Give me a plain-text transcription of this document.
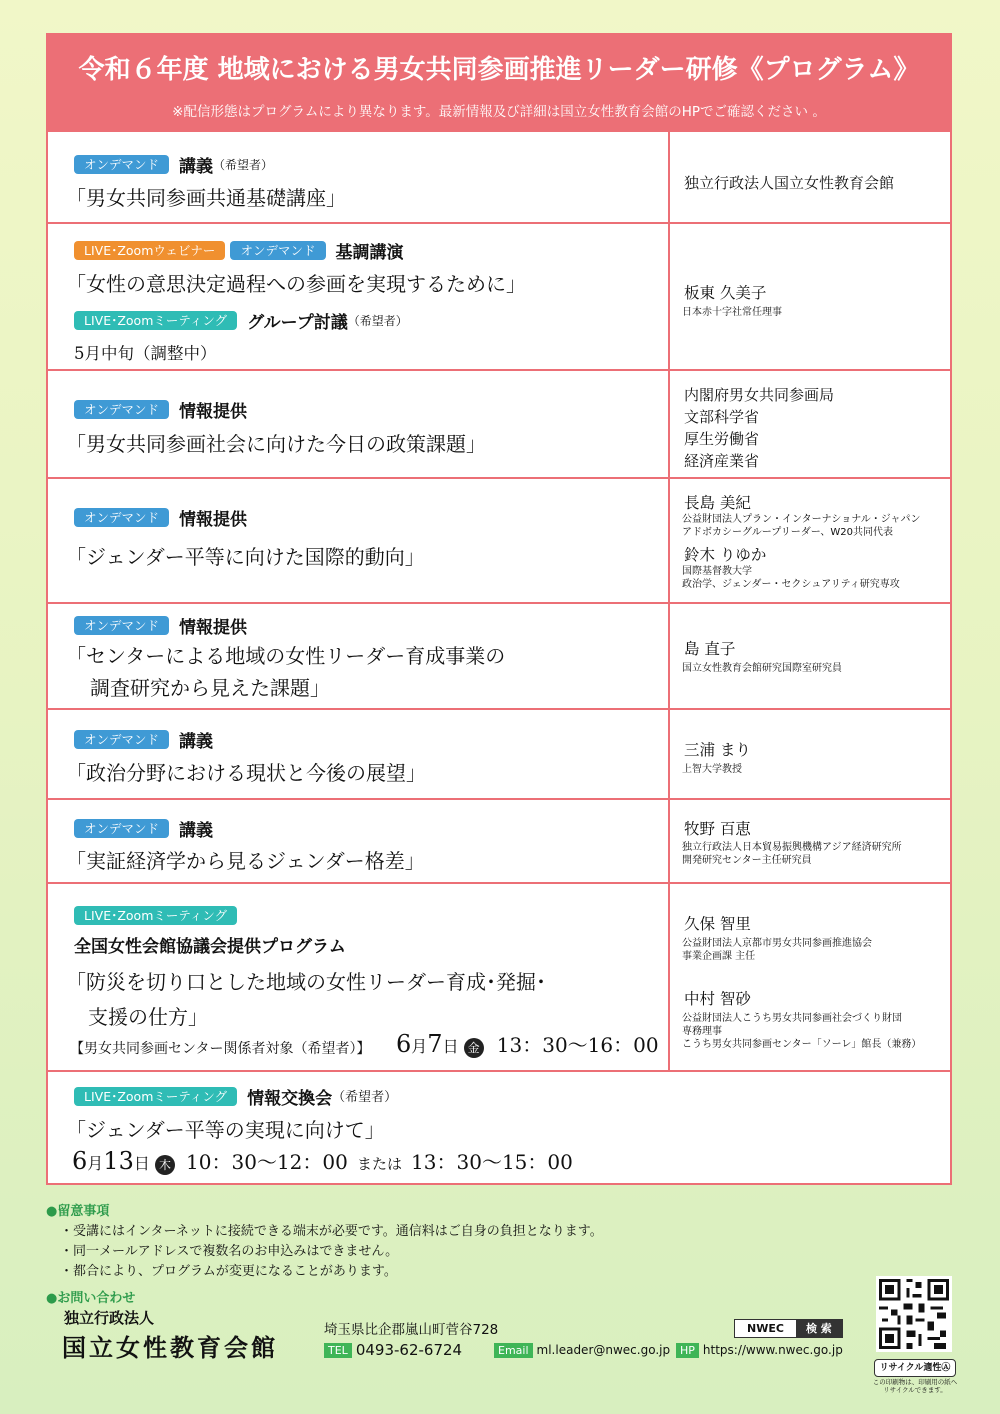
令和６年度 地域における男女共同参画推進リーダー研修《プログラム》
※配信形態はプログラムにより異なります。最新情報及び詳細は国立女性教育会館のHPでご確認ください 。
オンデマンド 講義（希望者）
「男女共同参画共通基礎講座」
独立行政法人国立女性教育会館
LIVE･Zoomウェビナー オンデマンド 基調講演
「女性の意思決定過程への参画を実現するために」
LIVE･Zoomミーティング グループ討議（希望者）
5月中旬（調整中）
板東 久美子
日本赤十字社常任理事
オンデマンド 情報提供
「男女共同参画社会に向けた今日の政策課題」
内閣府男女共同参画局
文部科学省
厚生労働省
経済産業省
オンデマンド 情報提供
「ジェンダー平等に向けた国際的動向」
長島 美紀
公益財団法人プラン・インターナショナル・ジャパン
アドボカシーグループリーダー、W20共同代表
鈴木 りゆか
国際基督教大学
政治学、ジェンダー・セクシュアリティ研究専攻
オンデマンド 情報提供
「センターによる地域の女性リーダー育成事業の
調査研究から見えた課題」
島 直子
国立女性教育会館研究国際室研究員
オンデマンド 講義
「政治分野における現状と今後の展望」
三浦 まり
上智大学教授
オンデマンド 講義
「実証経済学から見るジェンダー格差」
牧野 百恵
独立行政法人日本貿易振興機構アジア経済研究所
開発研究センター主任研究員
LIVE･Zoomミーティング
全国女性会館協議会提供プログラム
「防災を切り口とした地域の女性リーダー育成･発掘･
支援の仕方」
【男女共同参画センター関係者対象（希望者）】 6月7日 金 13：30〜16：00
久保 智里
公益財団法人京都市男女共同参画推進協会
事業企画課 主任
中村 智砂
公益財団法人こうち男女共同参画社会づくり財団
専務理事
こうち男女共同参画センター「ソーレ」館長（兼務）
LIVE･Zoomミーティング 情報交換会（希望者）
「ジェンダー平等の実現に向けて」
6月13日 木 10：30〜12：00 または 13：30〜15：00
●留意事項
・受講にはインターネットに接続できる端末が必要です。通信料はご自身の負担となります。
・同一メールアドレスで複数名のお申込みはできません。
・都合により、プログラムが変更になることがあります。
●お問い合わせ
独立行政法人
国立女性教育会館
埼玉県比企郡嵐山町菅谷728
TEL 0493-62-6724	Email ml.leader@nwec.go.jp HP https://www.nwec.go.jp
NWEC	検 索
リサイクル適性Ⓐ
この印刷物は、印刷用の紙へリサイクルできます。
